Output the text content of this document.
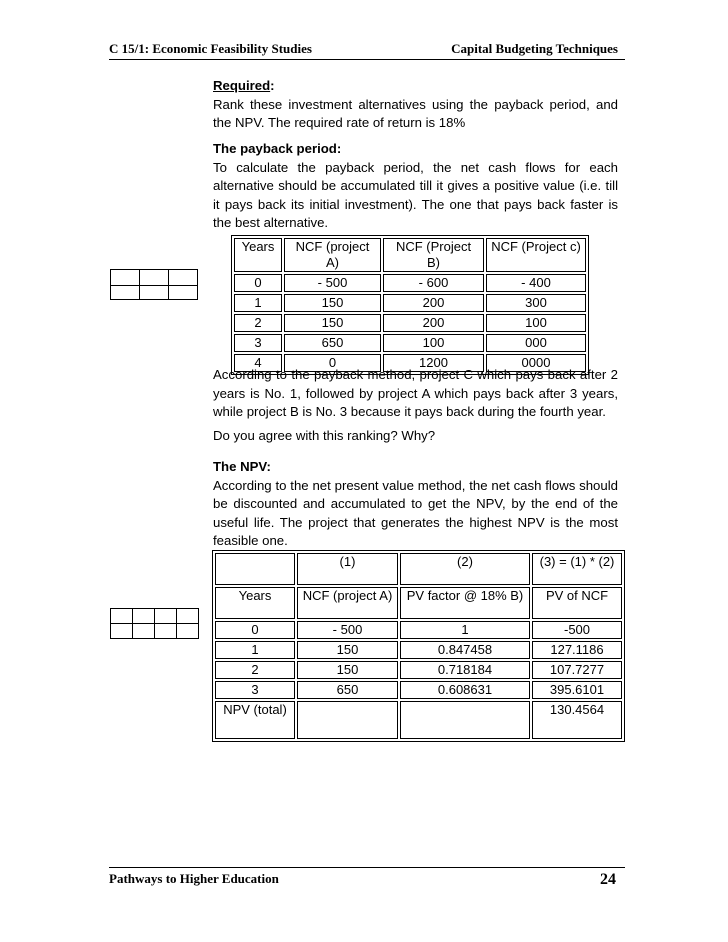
C 15/1: Economic Feasibility Studies	Capital Budgeting Techniques

Required:

Rank these investment alternatives using the payback period, and the NPV. The required rate of return is 18%

The payback period:

To calculate the payback period, the net cash flows for each alternative should be accumulated till it gives a positive value (i.e. till it pays back its initial investment). The one that pays back faster is the best alternative.

Years	NCF (project A)	NCF (Project B)	NCF (Project c)
0	- 500	- 600	- 400
1	150	200	300
2	150	200	100
3	650	100	000
4	0	1200	0000
According to the payback method, project C which pays back after 2 years is No. 1, followed by project A which pays back after 3 years, while project B is No. 3 because it pays back during the fourth year.
Do you agree with this ranking? Why?

The NPV:

According to the net present value method, the net cash flows should be discounted and accumulated to get the NPV, by the end of the useful life. The project that generates the highest NPV is the most feasible one.

	(1)	(2)	(3) = (1) * (2)
Years	NCF (project A)	PV factor @ 18% B)	PV of NCF
0	- 500	1	-500
1	150	0.847458	127.1186
2	150	0.718184	107.7277
3	650	0.608631	395.6101
NPV (total)			130.4564
Pathways to Higher Education	24
